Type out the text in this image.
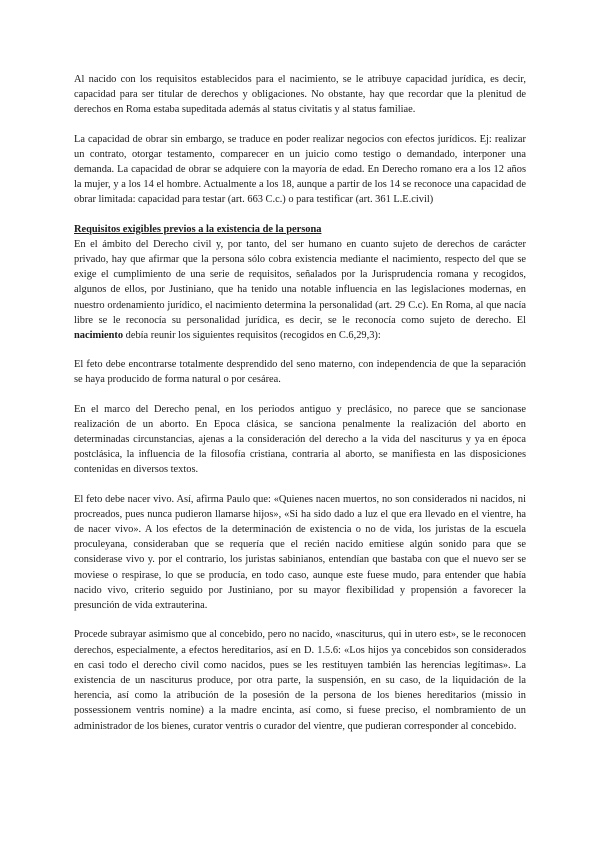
Al nacido con los requisitos establecidos para el nacimiento, se le atribuye capacidad jurídica, es decir, capacidad para ser titular de derechos y obligaciones. No obstante, hay que recordar que la plenitud de derechos en Roma estaba supeditada además al status civitatis y al status familiae.

La capacidad de obrar sin embargo, se traduce en poder realizar negocios con efectos jurídicos. Ej: realizar un contrato, otorgar testamento, comparecer en un juicio como testigo o demandado, interponer una demanda. La capacidad de obrar se adquiere con la mayoría de edad. En Derecho romano era a los 12 años la mujer, y a los 14 el hombre. Actualmente a los 18, aunque a partir de los 14 se reconoce una capacidad de obrar limitada: capacidad para testar (art. 663 C.c.) o para testificar (art. 361 L.E.civil)

Requisitos exigibles previos a la existencia de la persona

En el ámbito del Derecho civil y, por tanto, del ser humano en cuanto sujeto de derechos de carácter privado, hay que afirmar que la persona sólo cobra existencia mediante el nacimiento, respecto del que se exige el cumplimiento de una serie de requisitos, señalados por la Jurisprudencia romana y recogidos, algunos de ellos, por Justiniano, que ha tenido una notable influencia en las legislaciones modernas, en nuestro ordenamiento jurídico, el nacimiento determina la personalidad (art. 29 C.c). En Roma, al que nacía libre se le reconocía su personalidad jurídica, es decir, se le reconocía como sujeto de derecho. El nacimiento debía reunir los siguientes requisitos (recogidos en C.6,29,3):

El feto debe encontrarse totalmente desprendido del seno materno, con independencia de que la separación se haya producido de forma natural o por cesárea.

En el marco del Derecho penal, en los periodos antiguo y preclásico, no parece que se sancionase realización de un aborto. En Epoca clásica, se sanciona penalmente la realización del aborto en determinadas circunstancias, ajenas a la consideración del derecho a la vida del nasciturus y ya en época postclásica, la influencia de la filosofía cristiana, contraria al aborto, se manifiesta en las disposiciones contenidas en diversos textos.

El feto debe nacer vivo. Así, afirma Paulo que: «Quienes nacen muertos, no son considerados ni nacidos, ni procreados, pues nunca pudieron llamarse hijos», «Si ha sido dado a luz el que era llevado en el vientre, ha de nacer vivo». A los efectos de la determinación de existencia o no de vida, los juristas de la escuela proculeyana, consideraban que se requería que el recién nacido emitiese algún sonido para que se considerase vivo y. por el contrario, los juristas sabinianos, entendían que bastaba con que el nuevo ser se moviese o respirase, lo que se producía, en todo caso, aunque este fuese mudo, para entender que había nacido vivo, criterio seguido por Justiniano, por su mayor flexibilidad y propensión a favorecer la presunción de vida extrauterina.

Procede subrayar asimismo que al concebido, pero no nacido, «nasciturus, qui in utero est», se le reconocen derechos, especialmente, a efectos hereditarios, así en D. 1.5.6: «Los hijos ya concebidos son considerados en casi todo el derecho civil como nacidos, pues se les restituyen también las herencias legítimas». La existencia de un nasciturus produce, por otra parte, la suspensión, en su caso, de la liquidación de la herencia, así como la atribución de la posesión de la persona de los bienes hereditarios (missio in possessionem ventris nomine) a la madre encinta, así como, si fuese preciso, el nombramiento de un administrador de los bienes, curator ventris o curador del vientre, que pudieran corresponder al concebido.
